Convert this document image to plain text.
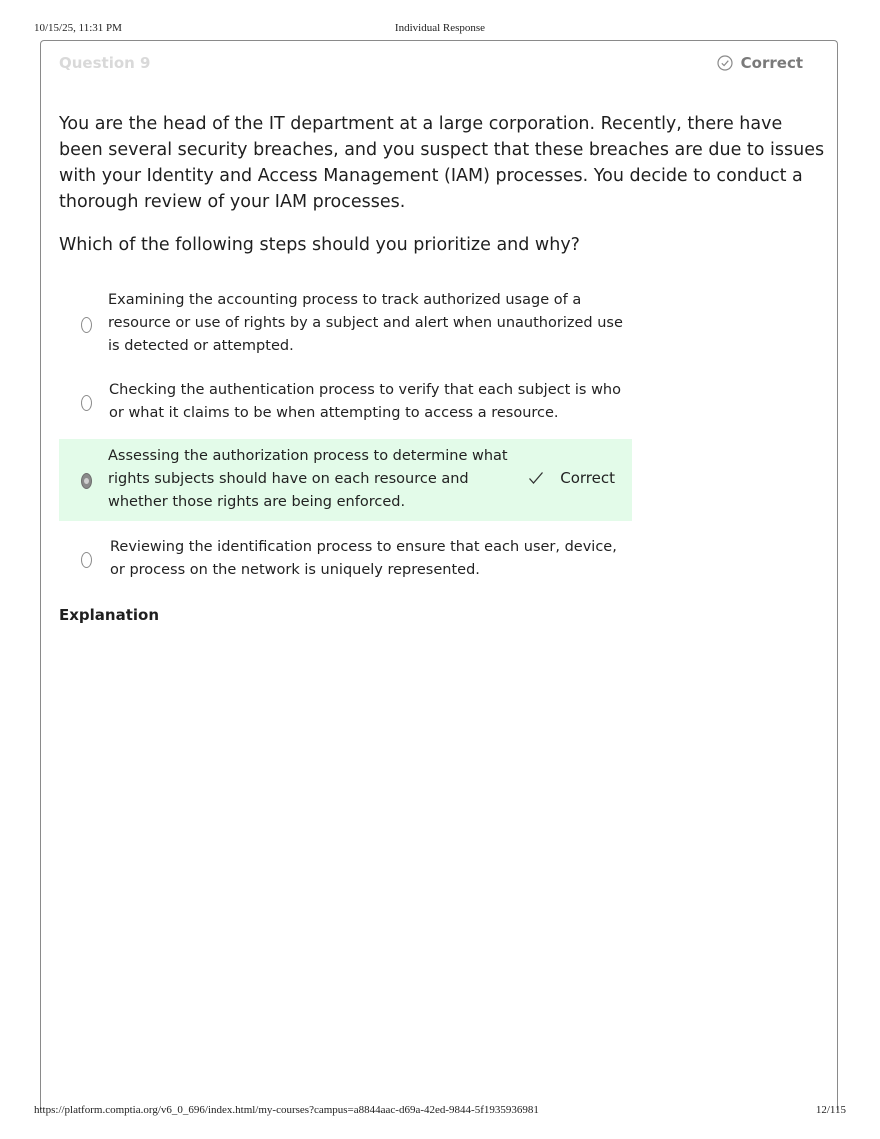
10/15/25, 11:31 PM	Individual Response
Question 9	Correct
You are the head of the IT department at a large corporation. Recently, there have been several security breaches, and you suspect that these breaches are due to issues with your Identity and Access Management (IAM) processes. You decide to conduct a thorough review of your IAM processes.
Which of the following steps should you prioritize and why?
Examining the accounting process to track authorized usage of a resource or use of rights by a subject and alert when unauthorized use is detected or attempted.
Checking the authentication process to verify that each subject is who or what it claims to be when attempting to access a resource.
Assessing the authorization process to determine what rights subjects should have on each resource and whether those rights are being enforced.
Correct
Reviewing the identification process to ensure that each user, device, or process on the network is uniquely represented.
Explanation
https://platform.comptia.org/v6_0_696/index.html/my-courses?campus=a8844aac-d69a-42ed-9844-5f1935936981	12/115
